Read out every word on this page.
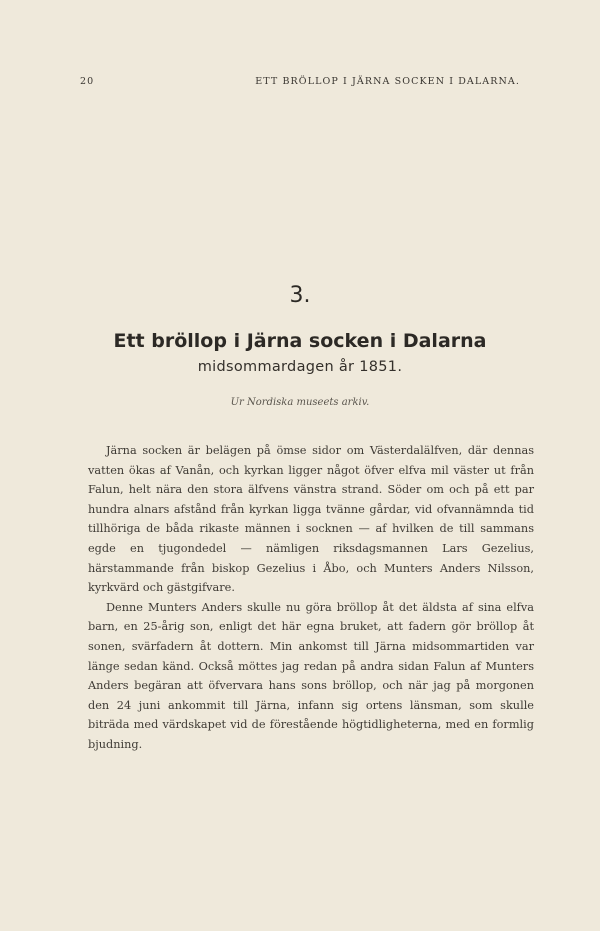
20	ETT BRÖLLOP I JÄRNA SOCKEN I DALARNA.
3.
Ett bröllop i Järna socken i Dalarna
midsommardagen år 1851.
Ur Nordiska museets arkiv.

Järna socken är belägen på ömse sidor om Västerdalälfven, där dennas vatten ökas af Vanån, och kyrkan ligger något öfver elfva mil väster ut från Falun, helt nära den stora älfvens vänstra strand. Söder om och på ett par hundra alnars afstånd från kyrkan ligga tvänne gårdar, vid ofvannämnda tid tillhöriga de båda rikaste männen i socknen — af hvilken de till sammans egde en tjugondedel — nämligen riksdagsmannen Lars Gezelius, härstammande från biskop Gezelius i Åbo, och Munters Anders Nilsson, kyrkvärd och gästgifvare.

Denne Munters Anders skulle nu göra bröllop åt det äldsta af sina elfva barn, en 25-årig son, enligt det här egna bruket, att fadern gör bröllop åt sonen, svärfadern åt dottern. Min ankomst till Järna midsommartiden var länge sedan känd. Också möttes jag redan på andra sidan Falun af Munters Anders begäran att öfvervara hans sons bröllop, och när jag på morgonen den 24 juni ankommit till Järna, infann sig ortens länsman, som skulle biträda med värdskapet vid de förestående högtidligheterna, med en formlig bjudning.
